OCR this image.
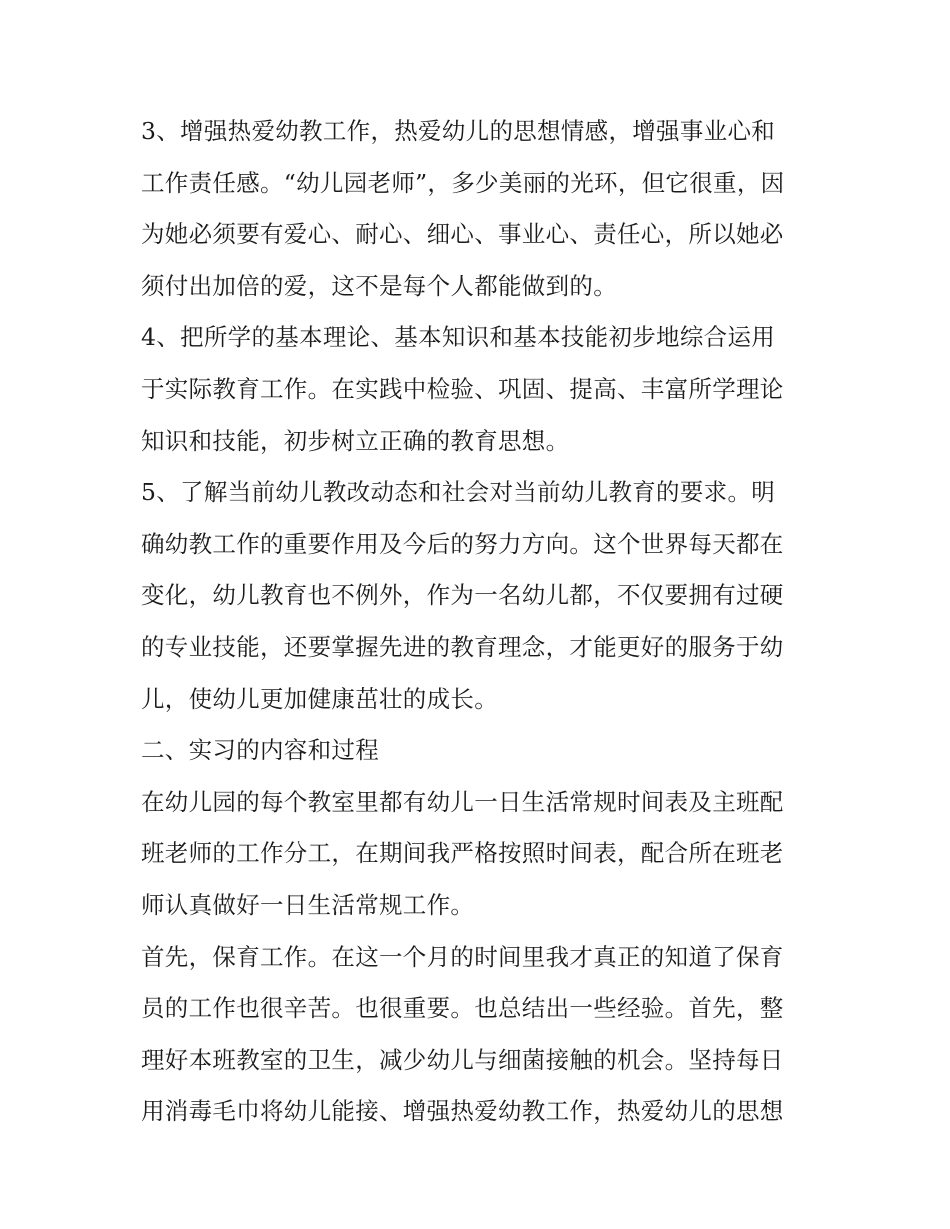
3、增强热爱幼教工作，热爱幼儿的思想情感，增强事业心和
工作责任感。“幼儿园老师”，多少美丽的光环，但它很重，因
为她必须要有爱心、耐心、细心、事业心、责任心，所以她必
须付出加倍的爱，这不是每个人都能做到的。
4、把所学的基本理论、基本知识和基本技能初步地综合运用
于实际教育工作。在实践中检验、巩固、提高、丰富所学理论
知识和技能，初步树立正确的教育思想。
5、了解当前幼儿教改动态和社会对当前幼儿教育的要求。明
确幼教工作的重要作用及今后的努力方向。这个世界每天都在
变化，幼儿教育也不例外，作为一名幼儿都，不仅要拥有过硬
的专业技能，还要掌握先进的教育理念，才能更好的服务于幼
儿，使幼儿更加健康茁壮的成长。
二、实习的内容和过程
在幼儿园的每个教室里都有幼儿一日生活常规时间表及主班配
班老师的工作分工，在期间我严格按照时间表，配合所在班老
师认真做好一日生活常规工作。
首先，保育工作。在这一个月的时间里我才真正的知道了保育
员的工作也很辛苦。也很重要。也总结出一些经验。首先，整
理好本班教室的卫生，减少幼儿与细菌接触的机会。坚持每日
用消毒毛巾将幼儿能接、增强热爱幼教工作，热爱幼儿的思想
